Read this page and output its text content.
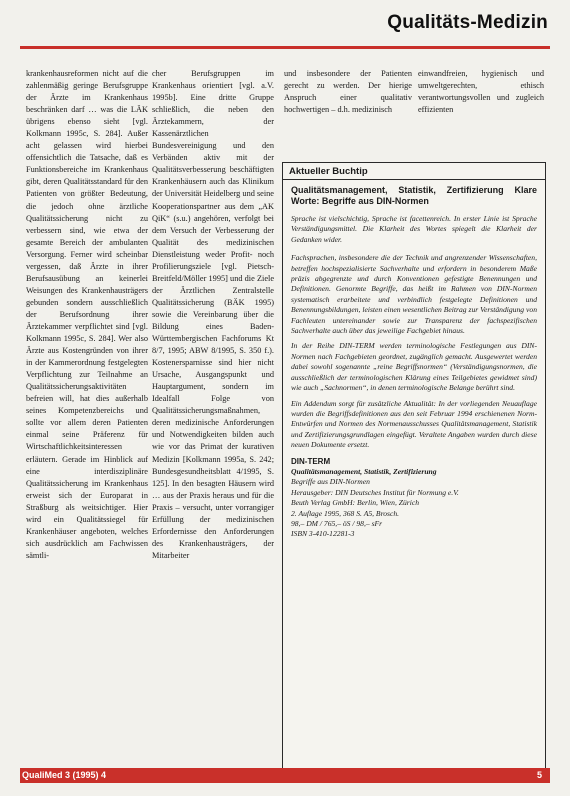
Qualitäts-Medizin

krankenhausreformen nicht auf die zahlenmäßig geringe Berufsgruppe der Ärzte im Krankenhaus beschränken darf … was die LÄK übrigens ebenso sieht [vgl. Kolkmann 1995c, S. 284]. Außer acht gelassen wird hierbei offensichtlich die Tatsache, daß es Funktionsbereiche im Krankenhaus gibt, deren Qualitätsstandard für den Patienten von größter Bedeutung, die jedoch ohne ärztliche Qualitätssicherung nicht zu verbessern sind, wie etwa der gesamte Bereich der ambulanten Versorgung. Ferner wird scheinbar vergessen, daß Ärzte in ihrer Berufsausübung an keinerlei Weisungen des Krankenhausträgers gebunden sondern ausschließlich der Berufsordnung ihrer Ärztekammer verpflichtet sind [vgl. Kolkmann 1995c, S. 284]. Wer also Ärzte aus Kostengründen von ihrer in der Kammerordnung festgelegten Verpflichtung zur Teilnahme an Qualitätssicherungsaktivitäten befreien will, hat dies außerhalb seines Kompetenzbereichs und sollte vor allem deren Patienten einmal seine Präferenz für Wirtschaftlichkeitsinteressen erläutern. Gerade im Hinblick auf eine interdisziplinäre Qualitätssicherung im Krankenhaus erweist sich der Europarat in Straßburg als weitsichtiger. Hier wird ein Qualitätssiegel für Krankenhäuser angeboten, welches sich ausdrücklich am Fachwissen sämtli-

cher Berufsgruppen im Krankenhaus orientiert [vgl. a.V. 1995b]. Eine dritte Gruppe schließlich, die neben den Ärztekammern, der Kassenärztlichen Bundesvereinigung und den Verbänden aktiv mit der Qualitätsverbesserung beschäftigten Krankenhäusern auch das Klinikum der Universität Heidelberg und seine Kooperationspartner aus dem „AK QiK“ (s.u.) angehören, verfolgt bei dem Versuch der Verbesserung der Qualität des medizinischen Dienstleistung weder Profit- noch Profilierungsziele [vgl. Pietsch-Breitfeld/Möller 1995] und die Ziele der Ärztlichen Zentralstelle Qualitätssicherung (BÄK 1995) sowie die Vereinbarung über die Bildung eines Baden-Württembergischen Fachforums Kt 8/7, 1995; ABW 8/1995, S. 350 f.). Kostenersparnisse sind hier nicht Ursache, Ausgangspunkt und Hauptargument, sondern im Idealfall Folge von Qualitätssicherungsmaßnahmen, deren medizinische Anforderungen und Notwendigkeiten bilden auch wie vor das Primat der kurativen Medizin [Kolkmann 1995a, S. 242; Bundesgesundheitsblatt 4/1995, S. 125]. In den besagten Häusern wird … aus der Praxis heraus und für die Praxis – versucht, unter vorrangiger Erfüllung der medizinischen Erfordernisse den Anforderungen des Krankenhausträgers, der Mitarbeiter

und insbesondere der Patienten gerecht zu werden. Der hierige Anspruch einer qualitativ hochwertigen – d.h. medizinisch

einwandfreien, hygienisch und umweltgerechten, ethisch verantwortungsvollen und zugleich effizienten

Aktueller Buchtip
Qualitätsmanagement, Statistik, Zertifizierung Klare Worte: Begriffe aus DIN-Normen

Sprache ist vielschichtig, Sprache ist facettenreich. In erster Linie ist Sprache Verständigungsmittel. Die Klarheit des Wortes spiegelt die Klarheit der Gedanken wider.

Fachsprachen, insbesondere die der Technik und angrenzender Wissenschaften, betreffen hochspezialisierte Sachverhalte und erfordern in besonderem Maße präzis abgegrenzte und durch Konventionen gefestigte Benennungen und Definitionen. Genormte Begriffe, das heißt im Rahmen von DIN-Normen systematisch erarbeitete und verbindlich festgelegte Definitionen und Benennungsbildungen, leisten einen wesentlichen Beitrag zur Verständigung von Fachleuten untereinander sowie zur Transparenz der fachspezifischen Sachverhalte auch über das jeweilige Fachgebiet hinaus.

In der Reihe DIN-TERM werden terminologische Festlegungen aus DIN-Normen nach Fachgebieten geordnet, zugänglich gemacht. Ausgewertet werden dabei sowohl sogenannte „reine Begriffsnormen“ (Verständigungsnormen, die ausschließlich der terminologischen Klärung eines Teilgebietes gewidmet sind) wie auch „Sachnormen“, in denen terminologische Belange berührt sind.

Ein Addendum sorgt für zusätzliche Aktualität: In der vorliegenden Neuauflage wurden die Begriffsdefinitionen aus den seit Februar 1994 erschienenen Norm-Entwürfen und Normen des Normenausschusses Qualitätsmanagement, Statistik und Zertifizierungsgrundlagen eingefügt. Veraltete Angaben wurden durch diese neuen Dokumente ersetzt.

DIN-TERM
Qualitätsmanagement, Statistik, Zertifizierung
Begriffe aus DIN-Normen
Herausgeber: DIN Deutsches Institut für Normung e.V.
Beuth Verlag GmbH: Berlin, Wien, Zürich
2. Auflage 1995, 368 S. A5, Brosch.
98,– DM / 765,– öS / 98,– sFr
ISBN 3-410-12281-3
QualiMed 3 (1995) 4	5
